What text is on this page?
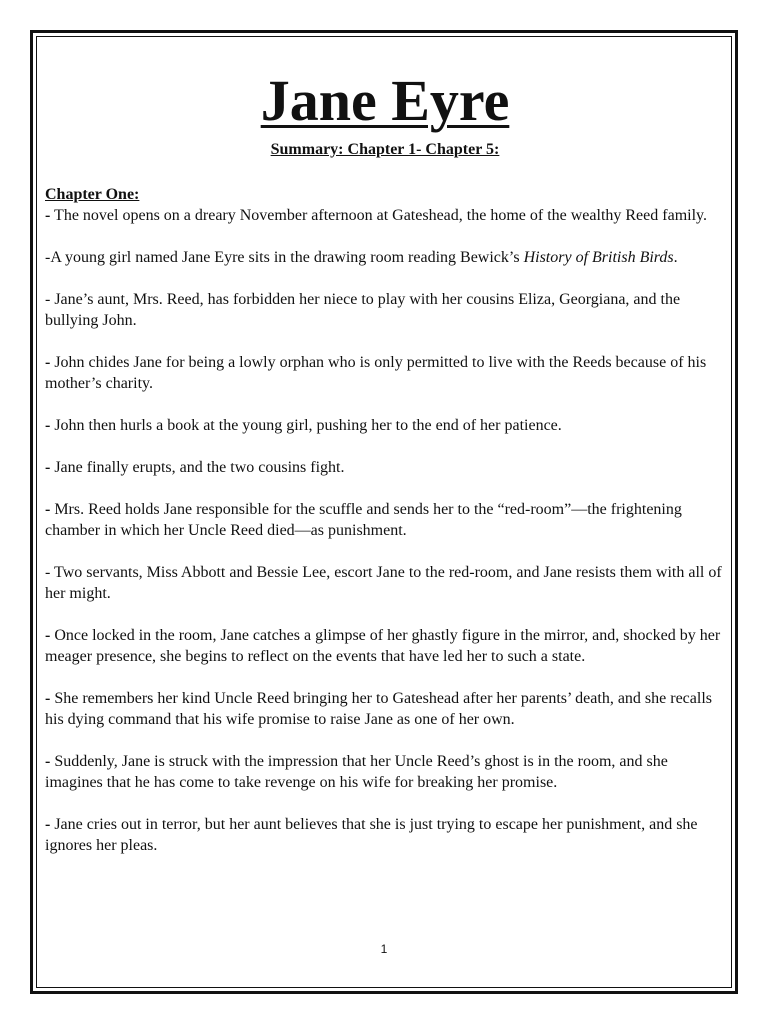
Jane Eyre

Summary: Chapter 1- Chapter 5:

Chapter One:

- The novel opens on a dreary November afternoon at Gateshead, the home of the wealthy Reed family.

-A young girl named Jane Eyre sits in the drawing room reading Bewick’s History of British Birds.

- Jane’s aunt, Mrs. Reed, has forbidden her niece to play with her cousins Eliza, Georgiana, and the bullying John.

- John chides Jane for being a lowly orphan who is only permitted to live with the Reeds because of his mother’s charity.

- John then hurls a book at the young girl, pushing her to the end of her patience.

- Jane finally erupts, and the two cousins fight.

- Mrs. Reed holds Jane responsible for the scuffle and sends her to the “red-room”—the frightening chamber in which her Uncle Reed died—as punishment.

- Two servants, Miss Abbott and Bessie Lee, escort Jane to the red-room, and Jane resists them with all of her might.

- Once locked in the room, Jane catches a glimpse of her ghastly figure in the mirror, and, shocked by her meager presence, she begins to reflect on the events that have led her to such a state.

- She remembers her kind Uncle Reed bringing her to Gateshead after her parents’ death, and she recalls his dying command that his wife promise to raise Jane as one of her own.

- Suddenly, Jane is struck with the impression that her Uncle Reed’s ghost is in the room, and she imagines that he has come to take revenge on his wife for breaking her promise.

- Jane cries out in terror, but her aunt believes that she is just trying to escape her punishment, and she ignores her pleas.

1
